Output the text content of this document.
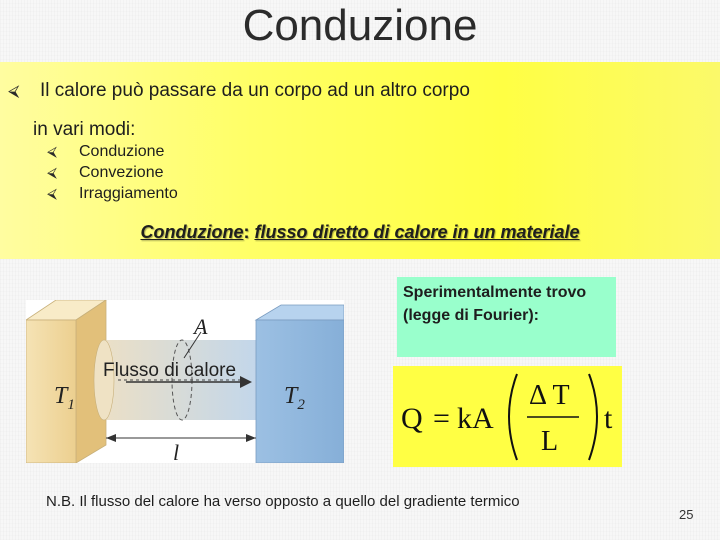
Conduzione
⮘ Il calore può passare da un corpo ad un altro corpo
in vari modi:
⮘ Conduzione
⮘ Convezione
⮘ Irraggiamento
Conduzione: flusso diretto di calore in un materiale
A
Flusso di calore
$T_1$	$T_2$
l
Sperimentalmente trovo (legge di Fourier):
Q = kA
Δ T
L
t
N.B. Il flusso del calore ha verso opposto a quello del gradiente termico
25
